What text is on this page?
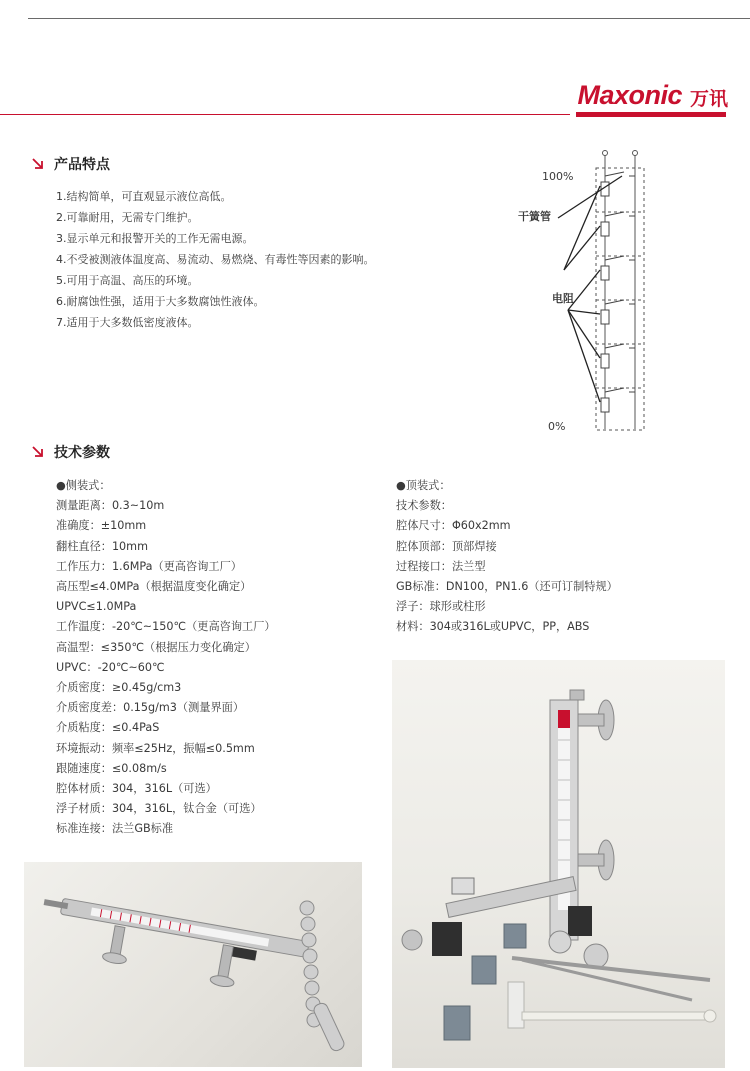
Maxonic 万讯
产品特点
1.结构简单，可直观显示液位高低。
2.可靠耐用，无需专门维护。
3.显示单元和报警开关的工作无需电源。
4.不受被测液体温度高、易流动、易燃烧、有毒性等因素的影响。
5.可用于高温、高压的环境。
6.耐腐蚀性强，适用于大多数腐蚀性液体。
7.适用于大多数低密度液体。
100%
干簧管
电阻
0%
技术参数
●侧装式：
测量距离：0.3~10m
准确度：±10mm
翻柱直径：10mm
工作压力：1.6MPa（更高咨询工厂）
高压型≤4.0MPa（根据温度变化确定）
UPVC≤1.0MPa
工作温度：-20℃~150℃（更高咨询工厂）
高温型：≤350℃（根据压力变化确定）
UPVC：-20℃~60℃
介质密度：≥0.45g/cm3
介质密度差：0.15g/m3（测量界面）
介质粘度：≤0.4PaS
环境振动：频率≤25Hz，振幅≤0.5mm
跟随速度：≤0.08m/s
腔体材质：304，316L（可选）
浮子材质：304，316L，钛合金（可选）
标准连接：法兰GB标准
●顶装式：
技术参数：
腔体尺寸：Φ60x2mm
腔体顶部：顶部焊接
过程接口：法兰型
GB标准：DN100，PN1.6（还可订制特规）
浮子：球形或柱形
材料：304或316L或UPVC，PP，ABS
